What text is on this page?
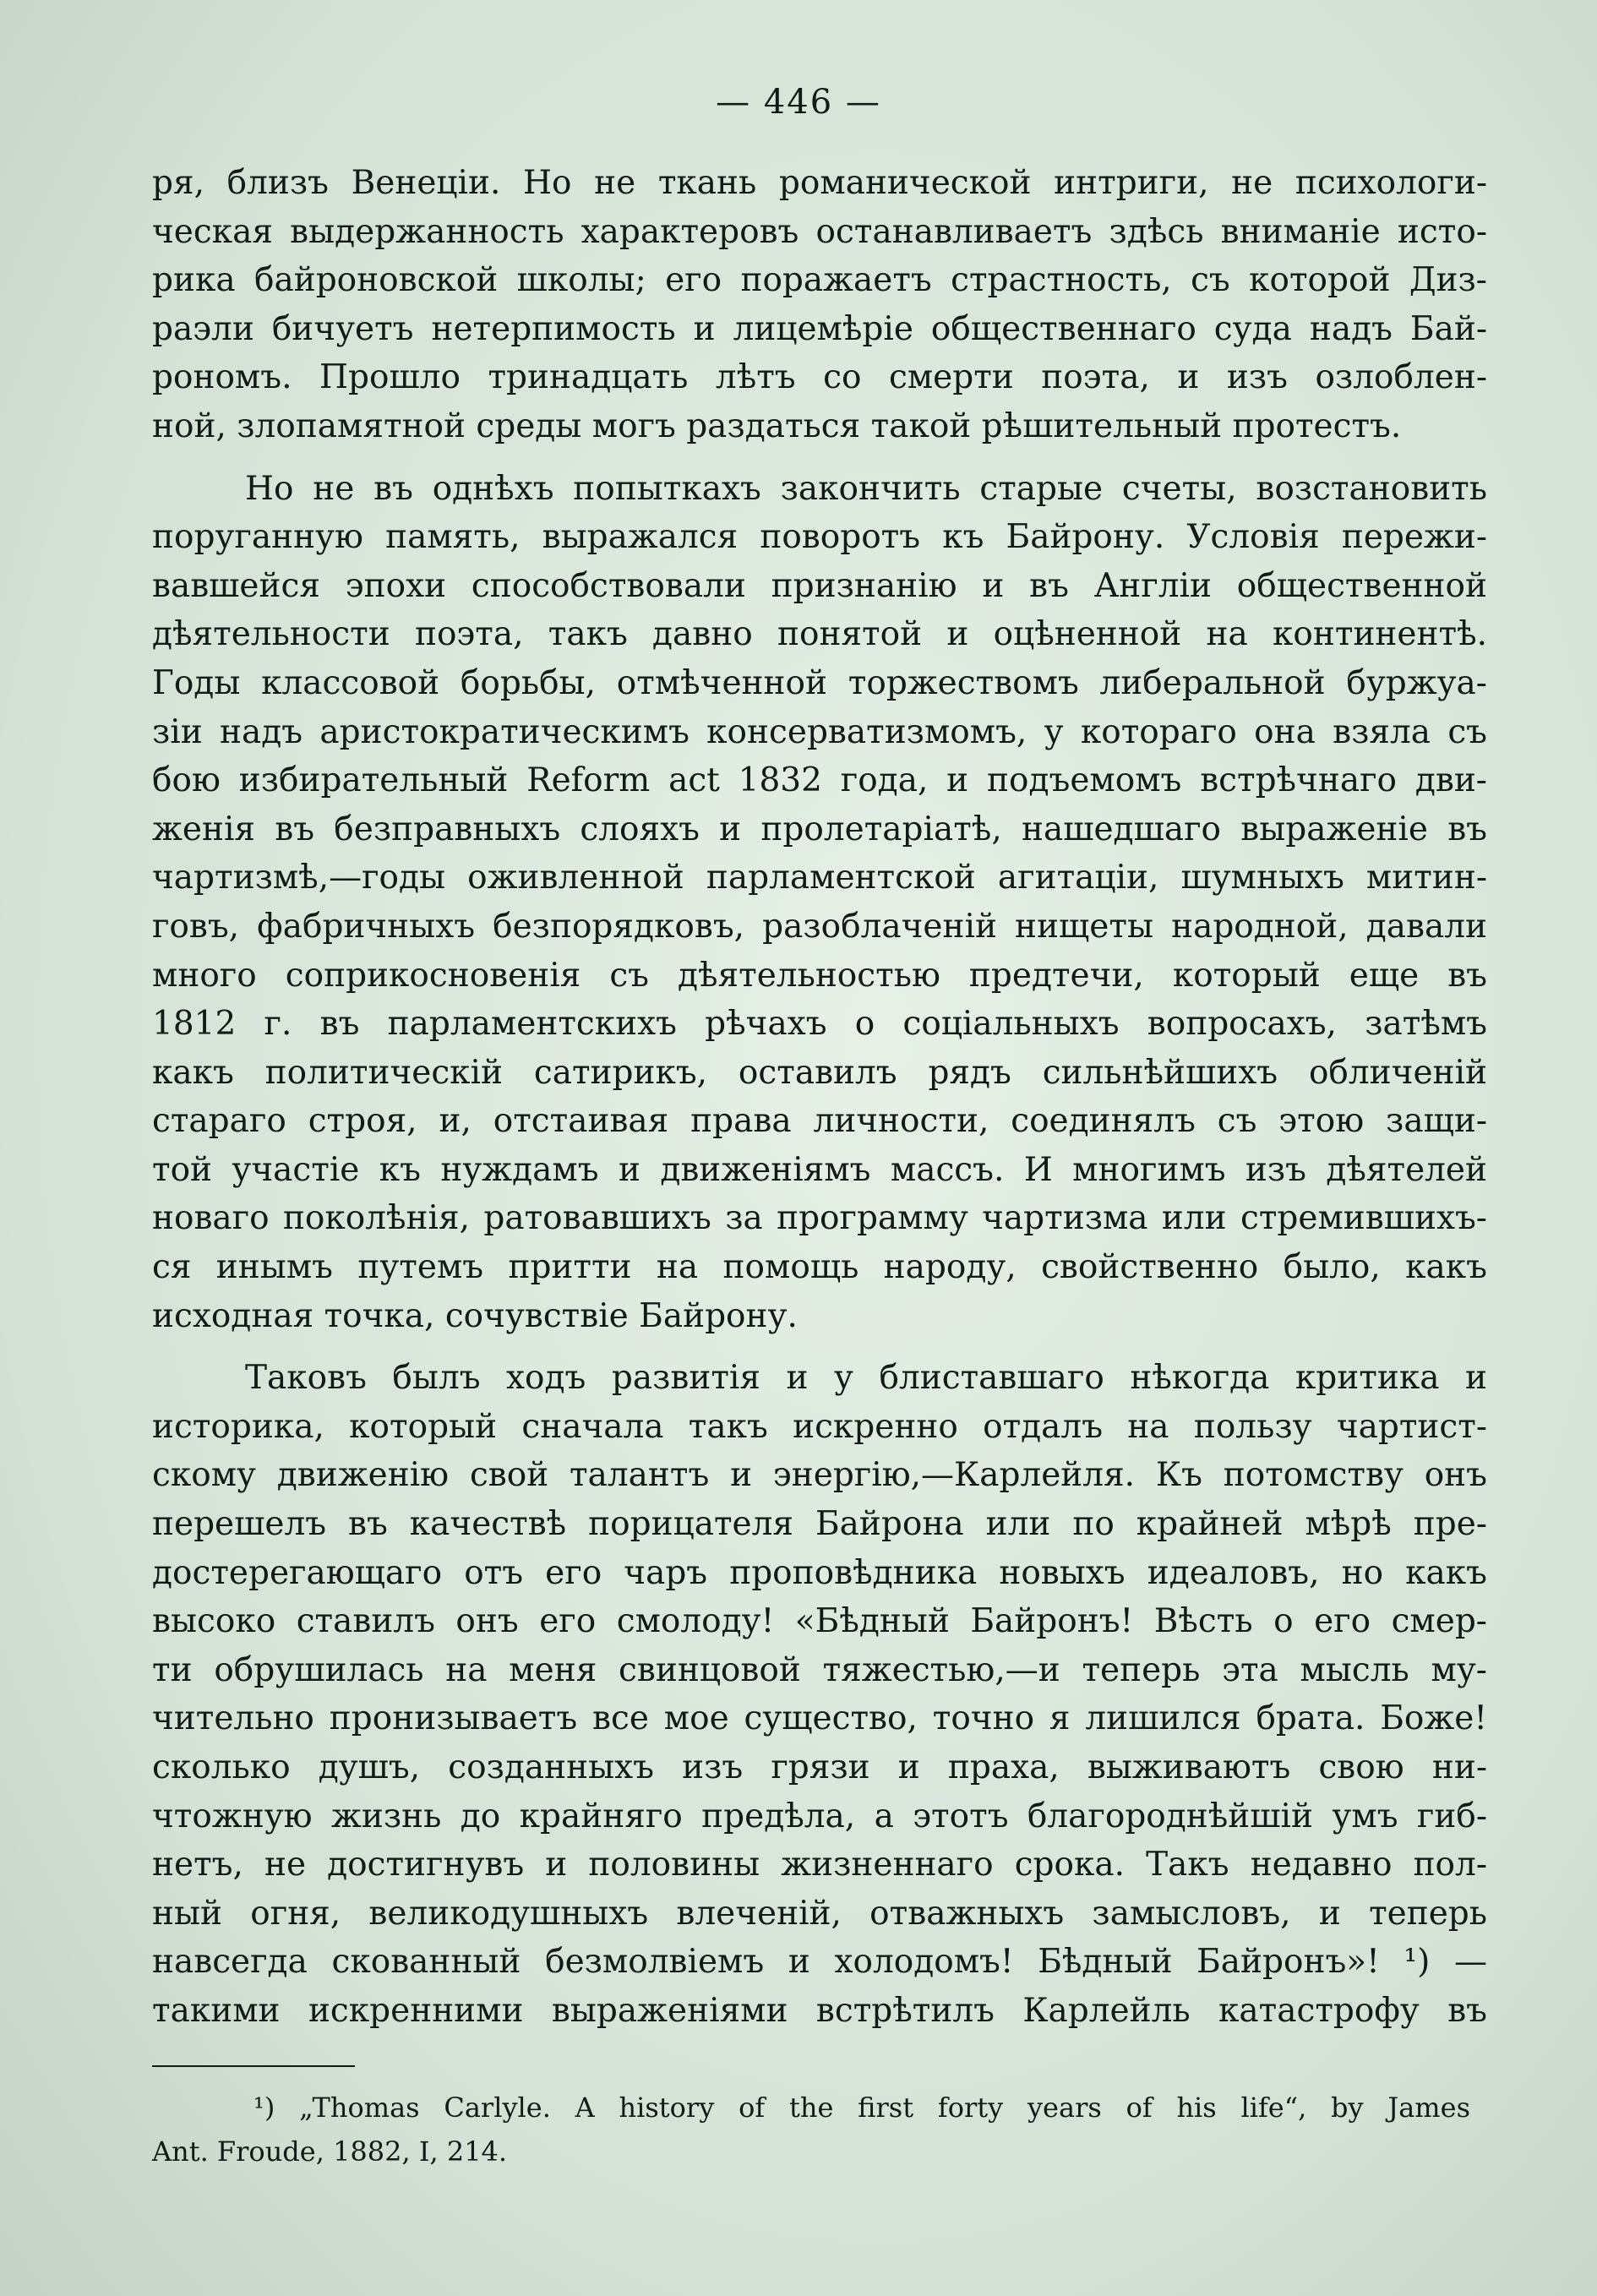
— 446 —
ря, близъ Венеціи. Но не ткань романической интриги, не психологи-
ческая выдержанность характеровъ останавливаетъ здѣсь вниманіе исто-
рика байроновской школы; его поражаетъ страстность, съ которой Диз-
раэли бичуетъ нетерпимость и лицемѣріе общественнаго суда надъ Бай-
рономъ. Прошло тринадцать лѣтъ со смерти поэта, и изъ озлоблен-
ной, злопамятной среды могъ раздаться такой рѣшительный протестъ.
Но не въ однѣхъ попыткахъ закончить старые счеты, возстановить
поруганную память, выражался поворотъ къ Байрону. Условія пережи-
вавшейся эпохи способствовали признанію и въ Англіи общественной
дѣятельности поэта, такъ давно понятой и оцѣненной на континентѣ.
Годы классовой борьбы, отмѣченной торжествомъ либеральной буржуа-
зіи надъ аристократическимъ консерватизмомъ, у котораго она взяла съ
бою избирательный Reform act 1832 года, и подъемомъ встрѣчнаго дви-
женія въ безправныхъ слояхъ и пролетаріатѣ, нашедшаго выраженіе въ
чартизмѣ,—годы оживленной парламентской агитаціи, шумныхъ митин-
говъ, фабричныхъ безпорядковъ, разоблаченій нищеты народной, давали
много соприкосновенія съ дѣятельностью предтечи, который еще въ
1812 г. въ парламентскихъ рѣчахъ о соціальныхъ вопросахъ, затѣмъ
какъ политическій сатирикъ, оставилъ рядъ сильнѣйшихъ обличеній
стараго строя, и, отстаивая права личности, соединялъ съ этою защи-
той участіе къ нуждамъ и движеніямъ массъ. И многимъ изъ дѣятелей
новаго поколѣнія, ратовавшихъ за программу чартизма или стремившихъ-
ся инымъ путемъ притти на помощь народу, свойственно было, какъ
исходная точка, сочувствіе Байрону.
Таковъ былъ ходъ развитія и у блиставшаго нѣкогда критика и
историка, который сначала такъ искренно отдалъ на пользу чартист-
скому движенію свой талантъ и энергію,—Карлейля. Къ потомству онъ
перешелъ въ качествѣ порицателя Байрона или по крайней мѣрѣ пре-
достерегающаго отъ его чаръ проповѣдника новыхъ идеаловъ, но какъ
высоко ставилъ онъ его смолоду! «Бѣдный Байронъ! Вѣсть о его смер-
ти обрушилась на меня свинцовой тяжестью,—и теперь эта мысль му-
чительно пронизываетъ все мое существо, точно я лишился брата. Боже!
сколько душъ, созданныхъ изъ грязи и праха, выживаютъ свою ни-
чтожную жизнь до крайняго предѣла, а этотъ благороднѣйшій умъ гиб-
нетъ, не достигнувъ и половины жизненнаго срока. Такъ недавно пол-
ный огня, великодушныхъ влеченій, отважныхъ замысловъ, и теперь
навсегда скованный безмолвіемъ и холодомъ! Бѣдный Байронъ»! ¹) —
такими искренними выраженіями встрѣтилъ Карлейль катастрофу въ
¹) „Thomas Carlyle. A history of the first forty years of his life“, by James
Ant. Froude, 1882, I, 214.
